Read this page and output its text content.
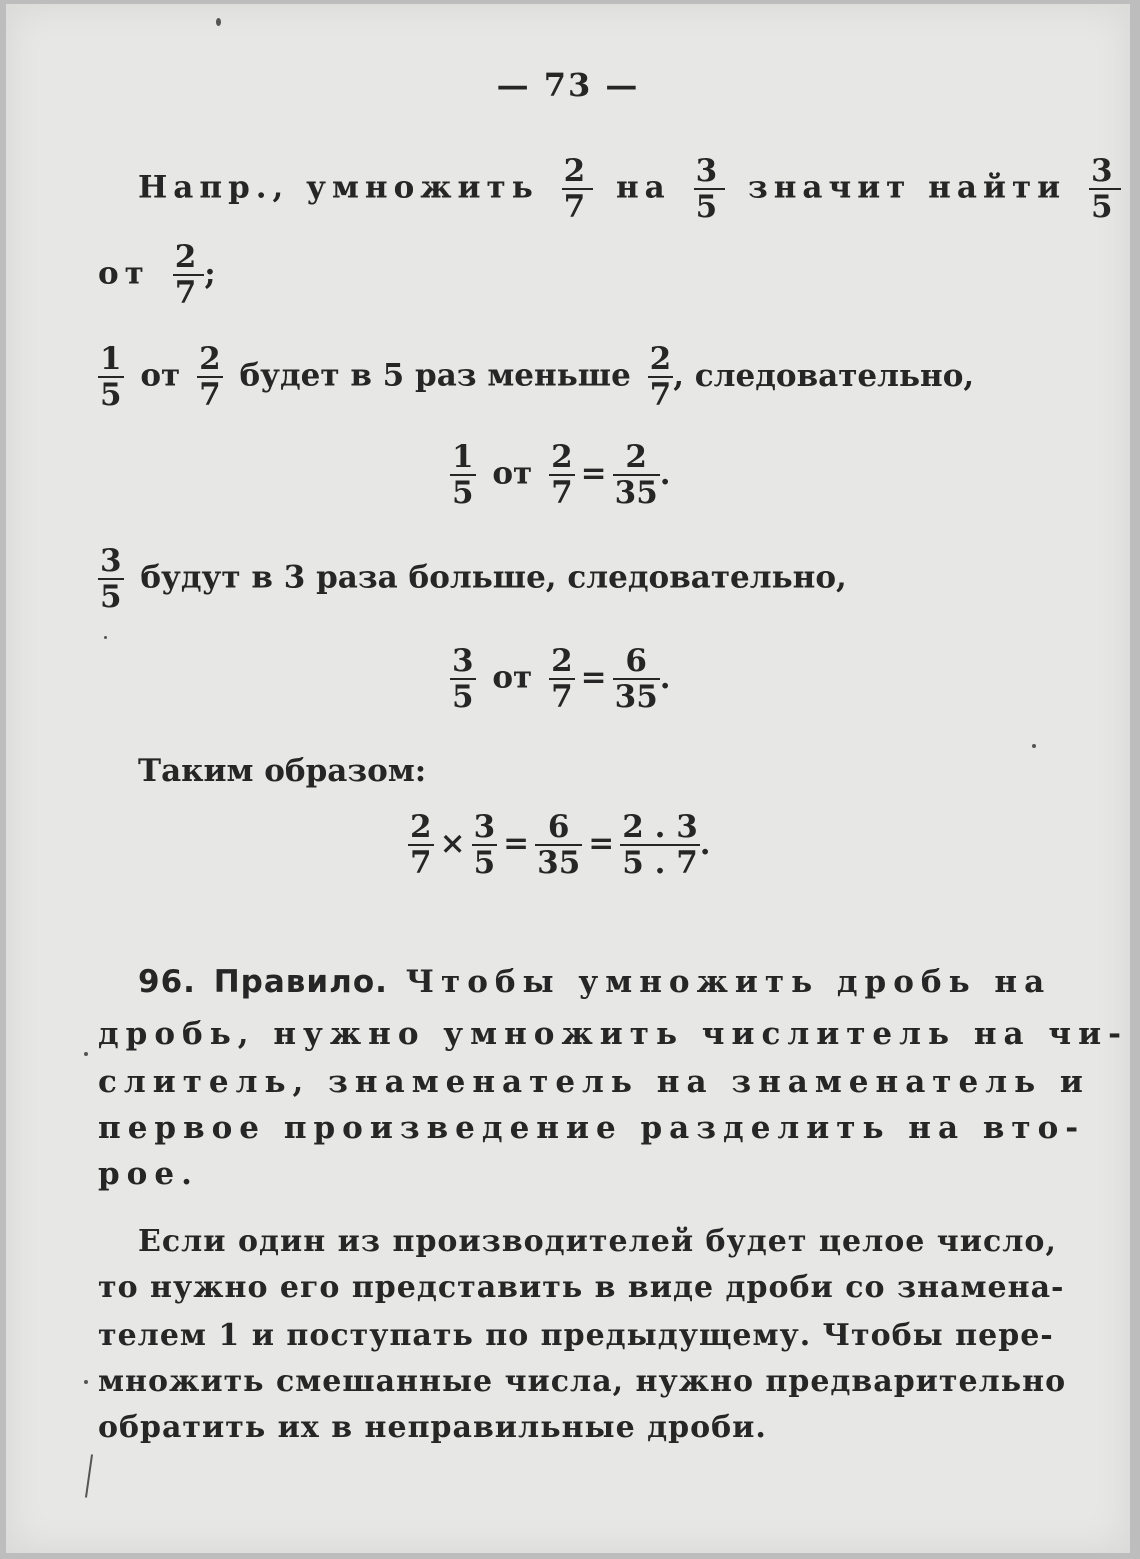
— 73 —
Напр., умножить $\frac{2}{7}$ на $\frac{3}{5}$ значит найти $\frac{3}{5}$
от $\frac{2}{7}$ ;
$\frac{1}{5}$ от $\frac{2}{7}$ будет в 5 раз меньше $\frac{2}{7}$ , следовательно,
$\frac{1}{5}$ от $\frac{2}{7} = \frac{2}{35}$ .
$\frac{3}{5}$ будут в 3 раза больше, следовательно,
$\frac{3}{5}$ от $\frac{2}{7} = \frac{6}{35}$ .
Таким образом:
$\frac{2}{7} \times \frac{3}{5} = \frac{6}{35} = \frac{2 . 3}{5 . 7}$ .
96. Правило. Чтобы умножить дробь на
дробь, нужно умножить числитель на чи-
слитель, знаменатель на знаменатель и
первое произведение разделить на вто-
рое.
Если один из производителей будет целое число,
то нужно его представить в виде дроби со знамена-
телем 1 и поступать по предыдущему. Чтобы пере-
множить смешанные числа, нужно предварительно
обратить их в неправильные дроби.
